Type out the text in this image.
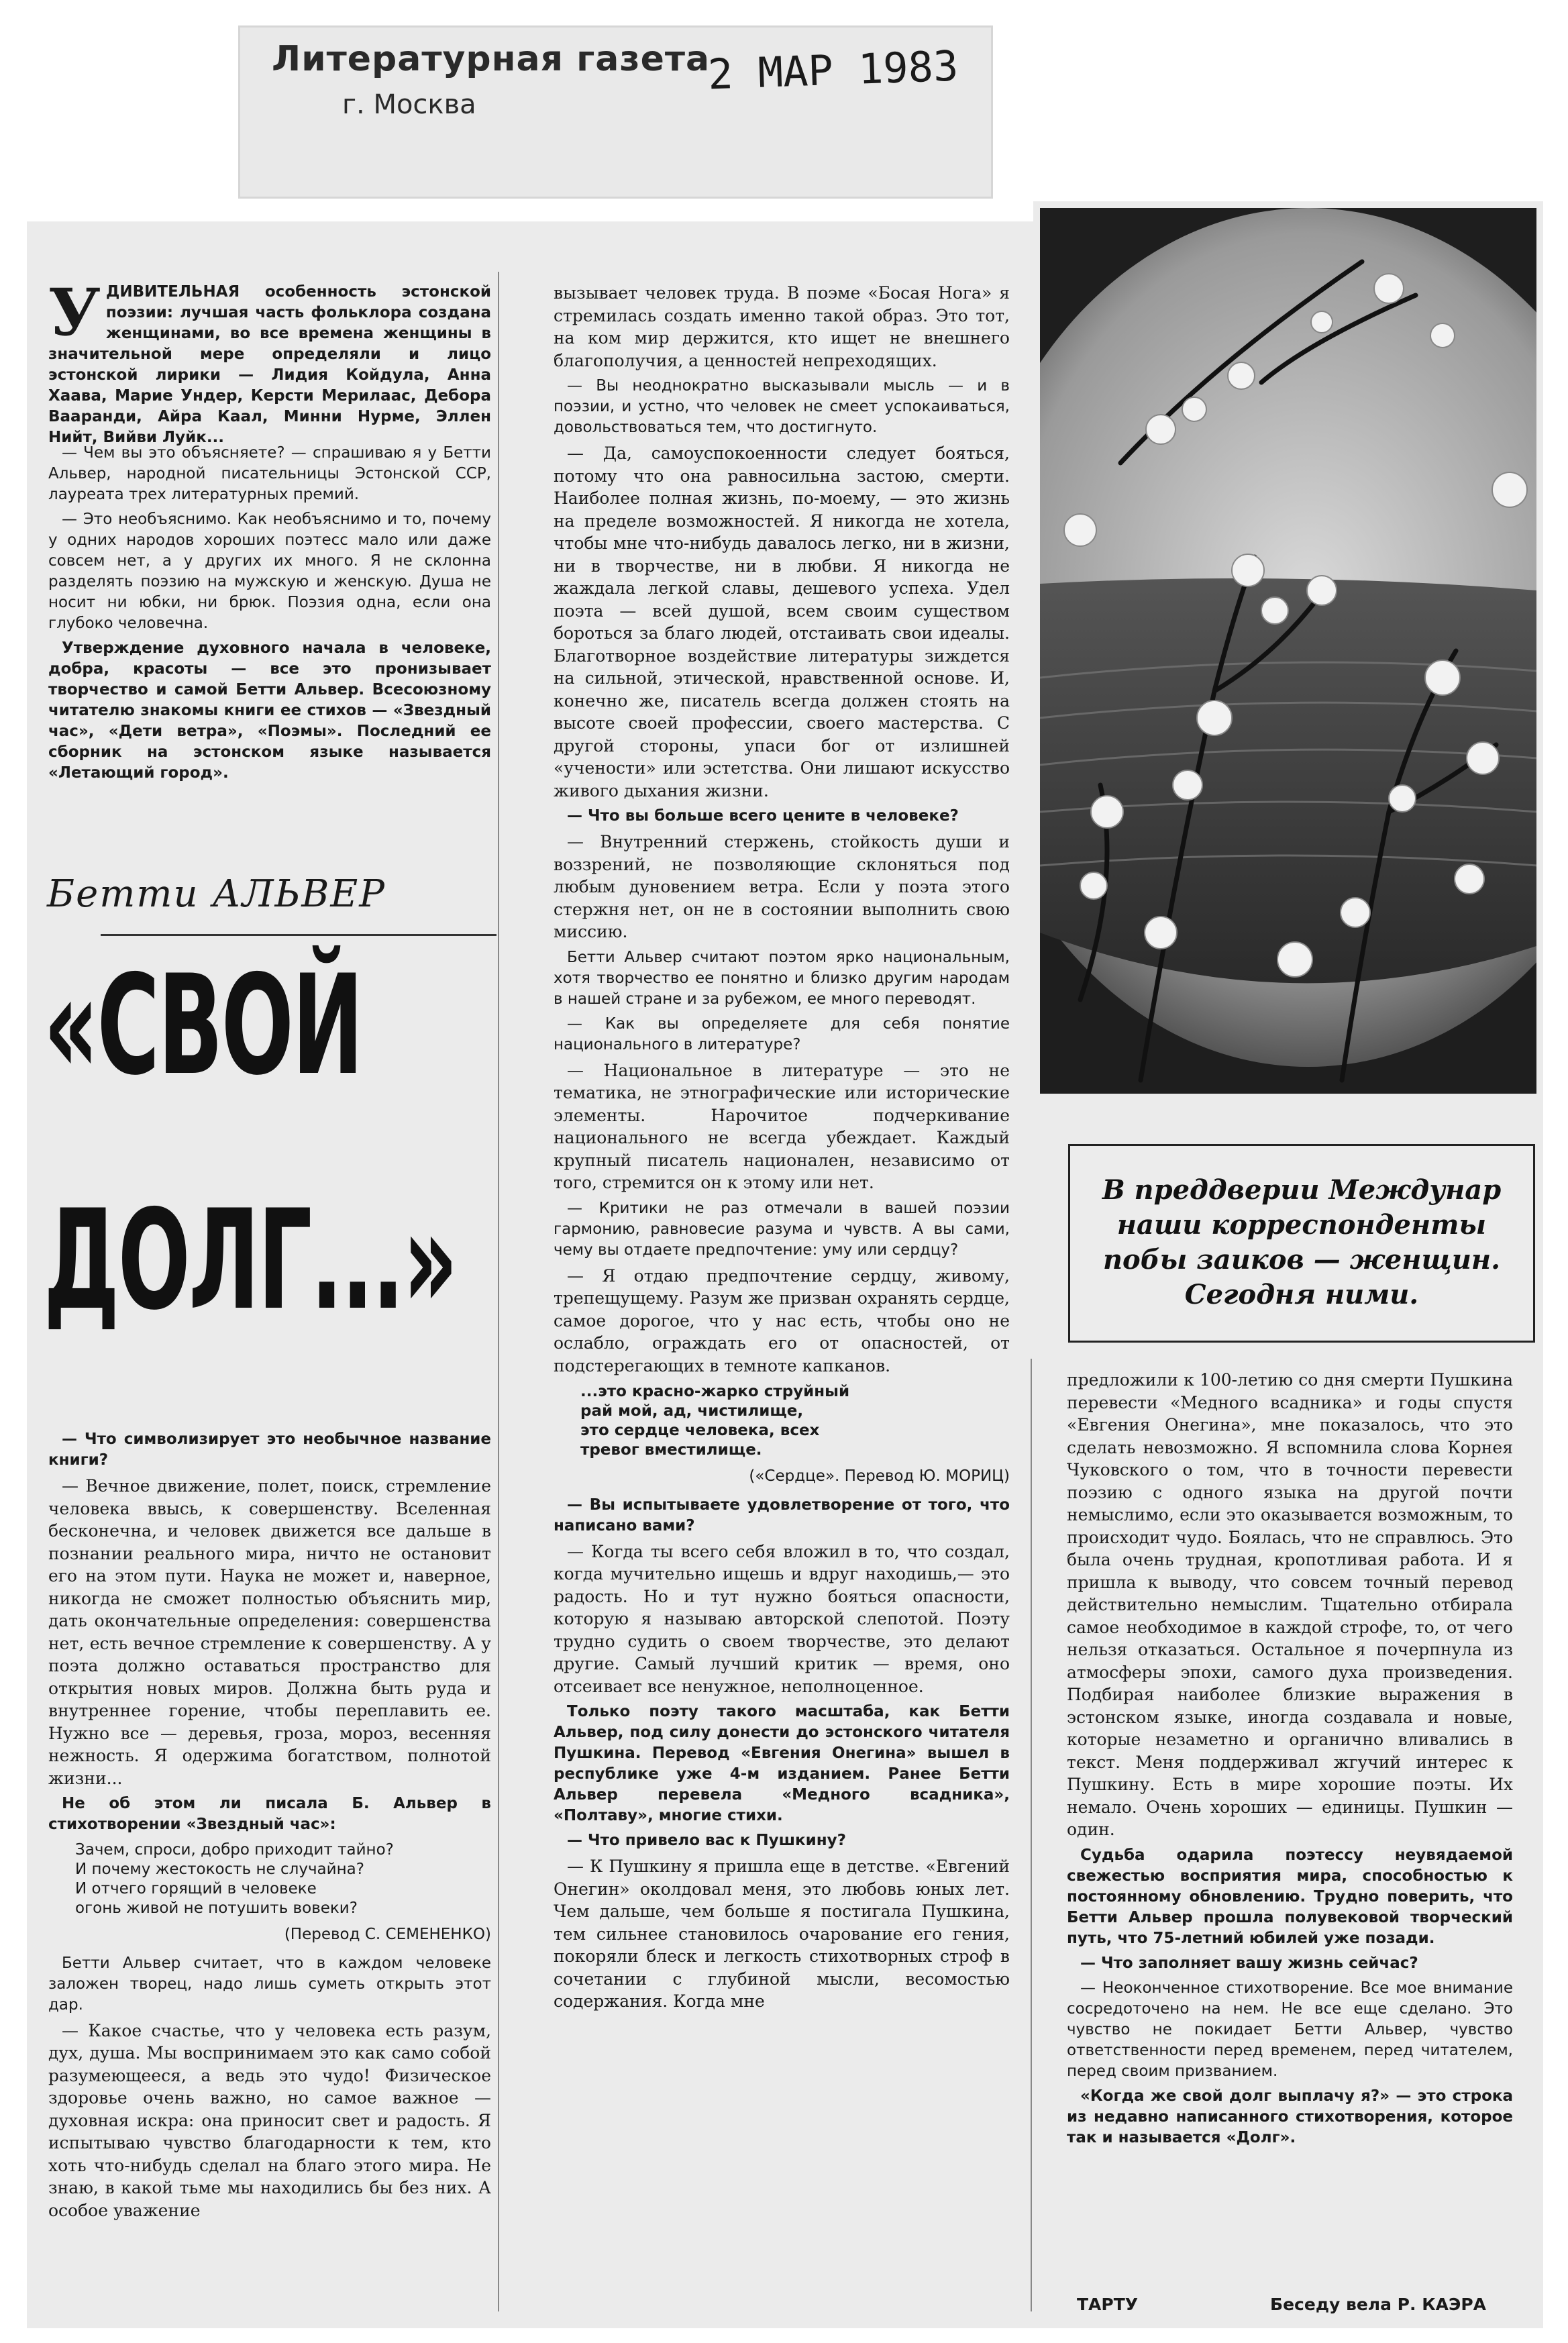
Литературная газета
г. Москва
2 МАР 1983

УДИВИТЕЛЬНАЯ особенность эстонской поэзии: лучшая часть фольклора создана женщинами, во все времена женщины в значительной мере определяли и лицо эстонской лирики — Лидия Койдула, Анна Хаава, Марие Ундер, Керсти Мерилаас, Дебора Вааранди, Айра Каал, Минни Нурме, Эллен Нийт, Вийви Луйк...

— Чем вы это объясняете? — спрашиваю я у Бетти Альвер, народной писательницы Эстонской ССР, лауреата трех литературных премий.

— Это необъяснимо. Как необъяснимо и то, почему у одних народов хороших поэтесс мало или даже совсем нет, а у других их много. Я не склонна разделять поэзию на мужскую и женскую. Душа не носит ни юбки, ни брюк. Поэзия одна, если она глубоко человечна.

Утверждение духовного начала в человеке, добра, красоты — все это пронизывает творчество и самой Бетти Альвер. Всесоюзному читателю знакомы книги ее стихов — «Звездный час», «Дети ветра», «Поэмы». Последний ее сборник на эстонском языке называется «Летающий город».

Бетти АЛЬВЕР
«СВОЙ
ДОЛГ...»

— Что символизирует это необычное название книги?

— Вечное движение, полет, поиск, стремление человека ввысь, к совершенству. Вселенная бесконечна, и человек движется все дальше в познании реального мира, ничто не остановит его на этом пути. Наука не может и, наверное, никогда не сможет полностью объяснить мир, дать окончательные определения: совершенства нет, есть вечное стремление к совершенству. А у поэта должно оставаться пространство для открытия новых миров. Должна быть руда и внутреннее горение, чтобы переплавить ее. Нужно все — деревья, гроза, мороз, весенняя нежность. Я одержима богатством, полнотой жизни...

Не об этом ли писала Б. Альвер в стихотворении «Звездный час»:

Зачем, спроси, добро приходит тайно?
И почему жестокость не случайна?
И отчего горящий в человеке
огонь живой не потушить вовеки?
(Перевод С. СЕМЕНЕНКО)

Бетти Альвер считает, что в каждом человеке заложен творец, надо лишь суметь открыть этот дар.

— Какое счастье, что у человека есть разум, дух, душа. Мы воспринимаем это как само собой разумеющееся, а ведь это чудо! Физическое здоровье очень важно, но самое важное — духовная искра: она приносит свет и радость. Я испытываю чувство благодарности к тем, кто хоть что-нибудь сделал на благо этого мира. Не знаю, в какой тьме мы находились бы без них. А особое уважение

вызывает человек труда. В поэме «Босая Нога» я стремилась создать именно такой образ. Это тот, на ком мир держится, кто ищет не внешнего благополучия, а ценностей непреходящих.

— Вы неоднократно высказывали мысль — и в поэзии, и устно, что человек не смеет успокаиваться, довольствоваться тем, что достигнуто.

— Да, самоуспокоенности следует бояться, потому что она равносильна застою, смерти. Наиболее полная жизнь, по-моему, — это жизнь на пределе возможностей. Я никогда не хотела, чтобы мне что-нибудь давалось легко, ни в жизни, ни в творчестве, ни в любви. Я никогда не жаждала легкой славы, дешевого успеха. Удел поэта — всей душой, всем своим существом бороться за благо людей, отстаивать свои идеалы. Благотворное воздействие литературы зиждется на сильной, этической, нравственной основе. И, конечно же, писатель всегда должен стоять на высоте своей профессии, своего мастерства. С другой стороны, упаси бог от излишней «учености» или эстетства. Они лишают искусство живого дыхания жизни.

— Что вы больше всего цените в человеке?

— Внутренний стержень, стойкость души и воззрений, не позволяющие склоняться под любым дуновением ветра. Если у поэта этого стержня нет, он не в состоянии выполнить свою миссию.

Бетти Альвер считают поэтом ярко национальным, хотя творчество ее понятно и близко другим народам в нашей стране и за рубежом, ее много переводят.

— Как вы определяете для себя понятие национального в литературе?

— Национальное в литературе — это не тематика, не этнографические или исторические элементы. Нарочитое подчеркивание национального не всегда убеждает. Каждый крупный писатель националeн, независимо от того, стремится он к этому или нет.

— Критики не раз отмечали в вашей поэзии гармонию, равновесие разума и чувств. А вы сами, чему вы отдаете предпочтение: уму или сердцу?

— Я отдаю предпочтение сердцу, живому, трепещущему. Разум же призван охранять сердце, самое дорогое, что у нас есть, чтобы оно не ослабло, ограждать его от опасностей, от подстерегающих в темноте капканов.

...это красно-жарко струйный
рай мой, ад, чистилище,
это сердце человека, всех
тревог вместилище.
(«Сердце». Перевод Ю. МОРИЦ)

— Вы испытываете удовлетворение от того, что написано вами?

— Когда ты всего себя вложил в то, что создал, когда мучительно ищешь и вдруг находишь,— это радость. Но и тут нужно бояться опасности, которую я называю авторской слепотой. Поэту трудно судить о своем творчестве, это делают другие. Самый лучший критик — время, оно отсеивает все ненужное, неполноценное.

Только поэту такого масштаба, как Бетти Альвер, под силу донести до эстонского читателя Пушкина. Перевод «Евгения Онегина» вышел в республике уже 4-м изданием. Ранее Бетти Альвер перевела «Медного всадника», «Полтаву», многие стихи.

— Что привело вас к Пушкину?

— К Пушкину я пришла еще в детстве. «Евгений Онегин» околдовал меня, это любовь юных лет. Чем дальше, чем больше я постигала Пушкина, тем сильнее становилось очарование его гения, покоряли блеск и легкость стихотворных строф в сочетании с глубиной мысли, весомостью содержания. Когда мне

В преддверии Междунар наши корреспонденты побы заиков — женщин. Сегодня ними.

предложили к 100-летию со дня смерти Пушкина перевести «Медного всадника» и годы спустя «Евгения Онегина», мне показалось, что это сделать невозможно. Я вспомнила слова Корнея Чуковского о том, что в точности перевести поэзию с одного языка на другой почти немыслимо, если это оказывается возможным, то происходит чудо. Боялась, что не справлюсь. Это была очень трудная, кропотливая работа. И я пришла к выводу, что совсем точный перевод действительно немыслим. Тщательно отбирала самое необходимое в каждой строфе, то, от чего нельзя отказаться. Остальное я почерпнула из атмосферы эпохи, самого духа произведения. Подбирая наиболее близкие выражения в эстонском языке, иногда создавала и новые, которые незаметно и органично вливались в текст. Меня поддерживал жгучий интерес к Пушкину. Есть в мире хорошие поэты. Их немало. Очень хороших — единицы. Пушкин — один.

Судьба одарила поэтессу неувядаемой свежестью восприятия мира, способностью к постоянному обновлению. Трудно поверить, что Бетти Альвер прошла полувековой творческий путь, что 75-летний юбилей уже позади.

— Что заполняет вашу жизнь сейчас?

— Неоконченное стихотворение. Все мое внимание сосредоточено на нем. Не все еще сделано. Это чувство не покидает Бетти Альвер, чувство ответственности перед временем, перед читателем, перед своим призванием.

«Когда же свой долг выплачу я?» — это строка из недавно написанного стихотворения, которое так и называется «Долг».

ТАРТУ	Беседу вела Р. КАЭРА
